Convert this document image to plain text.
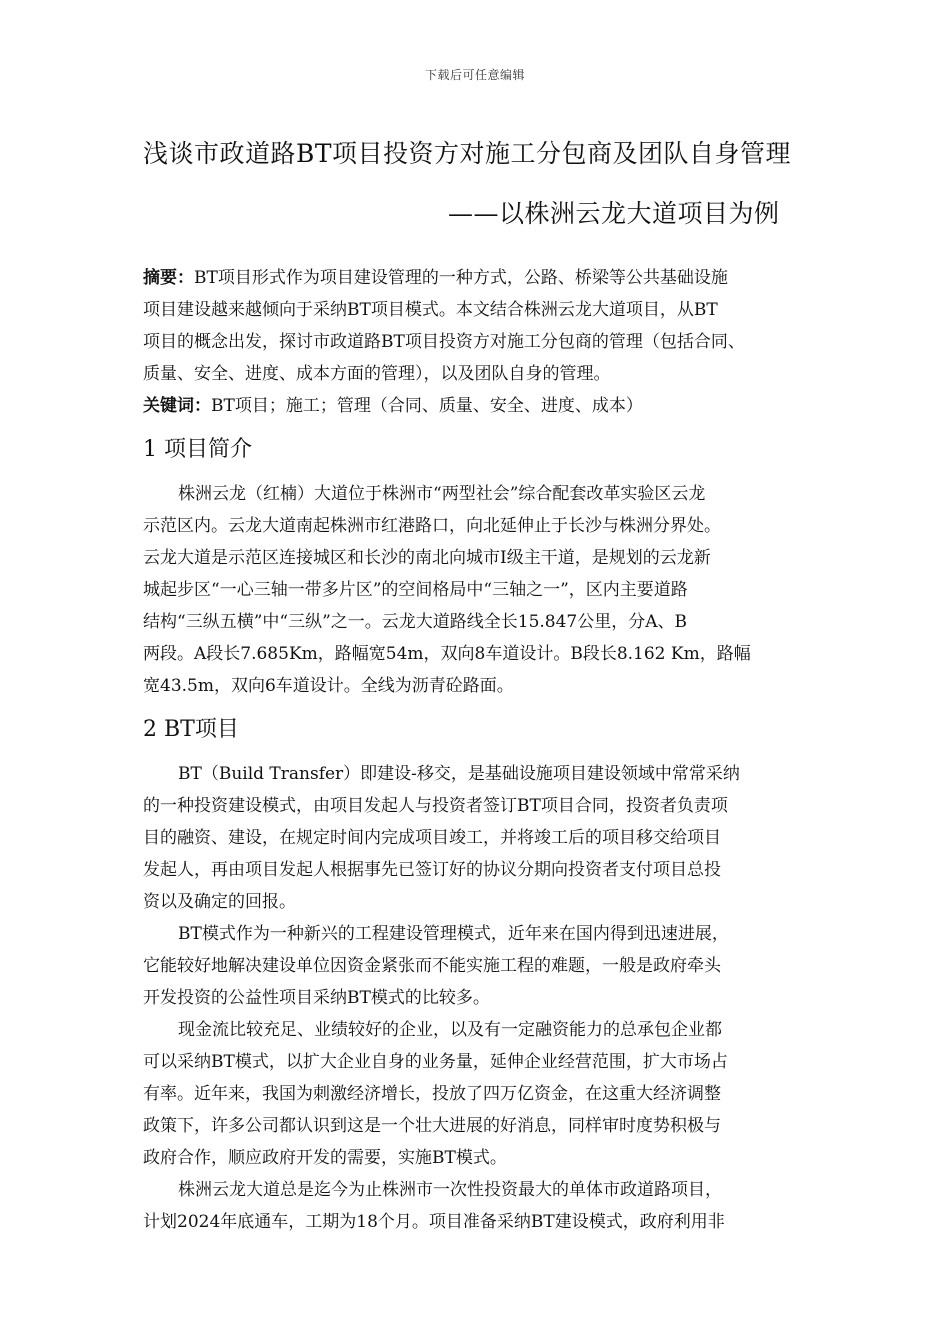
下载后可任意编辑
浅谈市政道路BT项目投资方对施工分包商及团队自身管理
——以株洲云龙大道项目为例
摘要：BT项目形式作为项目建设管理的一种方式，公路、桥梁等公共基础设施
项目建设越来越倾向于采纳BT项目模式。本文结合株洲云龙大道项目，从BT
项目的概念出发，探讨市政道路BT项目投资方对施工分包商的管理（包括合同、
质量、安全、进度、成本方面的管理），以及团队自身的管理。
关键词：BT项目；施工；管理（合同、质量、安全、进度、成本）
1 项目简介
株洲云龙（红楠）大道位于株洲市“两型社会”综合配套改革实验区云龙
示范区内。云龙大道南起株洲市红港路口，向北延伸止于长沙与株洲分界处。
云龙大道是示范区连接城区和长沙的南北向城市Ⅰ级主干道，是规划的云龙新
城起步区“一心三轴一带多片区”的空间格局中“三轴之一”，区内主要道路
结构“三纵五横”中“三纵”之一。云龙大道路线全长15.847公里，分A、B
两段。A段长7.685Km，路幅宽54m，双向8车道设计。B段长8.162 Km，路幅
宽43.5m，双向6车道设计。全线为沥青砼路面。
2 BT项目
BT（Build Transfer）即建设-移交，是基础设施项目建设领域中常常采纳
的一种投资建设模式，由项目发起人与投资者签订BT项目合同，投资者负责项
目的融资、建设，在规定时间内完成项目竣工，并将竣工后的项目移交给项目
发起人，再由项目发起人根据事先已签订好的协议分期向投资者支付项目总投
资以及确定的回报。
BT模式作为一种新兴的工程建设管理模式，近年来在国内得到迅速进展，
它能较好地解决建设单位因资金紧张而不能实施工程的难题，一般是政府牵头
开发投资的公益性项目采纳BT模式的比较多。
现金流比较充足、业绩较好的企业，以及有一定融资能力的总承包企业都
可以采纳BT模式，以扩大企业自身的业务量，延伸企业经营范围，扩大市场占
有率。近年来，我国为刺激经济增长，投放了四万亿资金，在这重大经济调整
政策下，许多公司都认识到这是一个壮大进展的好消息，同样审时度势积极与
政府合作，顺应政府开发的需要，实施BT模式。
株洲云龙大道总是迄今为止株洲市一次性投资最大的单体市政道路项目，
计划2024年底通车，工期为18个月。项目准备采纳BT建设模式，政府利用非
